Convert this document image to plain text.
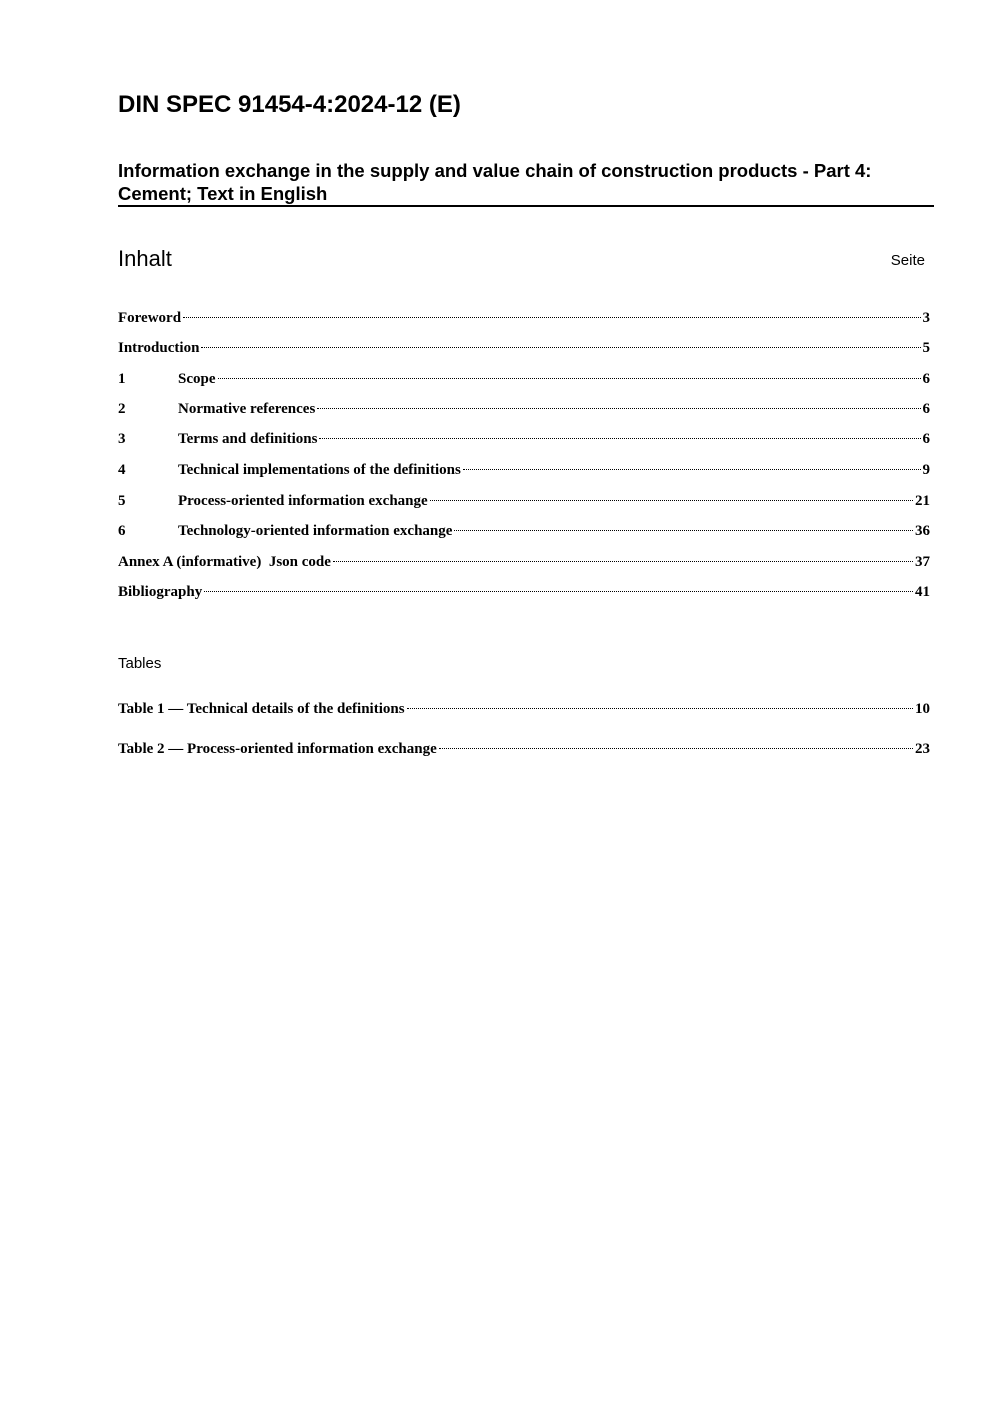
DIN SPEC 91454-4:2024-12 (E)
Information exchange in the supply and value chain of construction products - Part 4: Cement; Text in English
Inhalt	Seite
Foreword	3
Introduction	5
1	Scope	6
2	Normative references	6
3	Terms and definitions	6
4	Technical implementations of the definitions	9
5	Process-oriented information exchange	21
6	Technology-oriented information exchange	36
Annex A (informative)  Json code	37
Bibliography	41
Tables
Table 1 — Technical details of the definitions	10
Table 2 — Process-oriented information exchange	23
